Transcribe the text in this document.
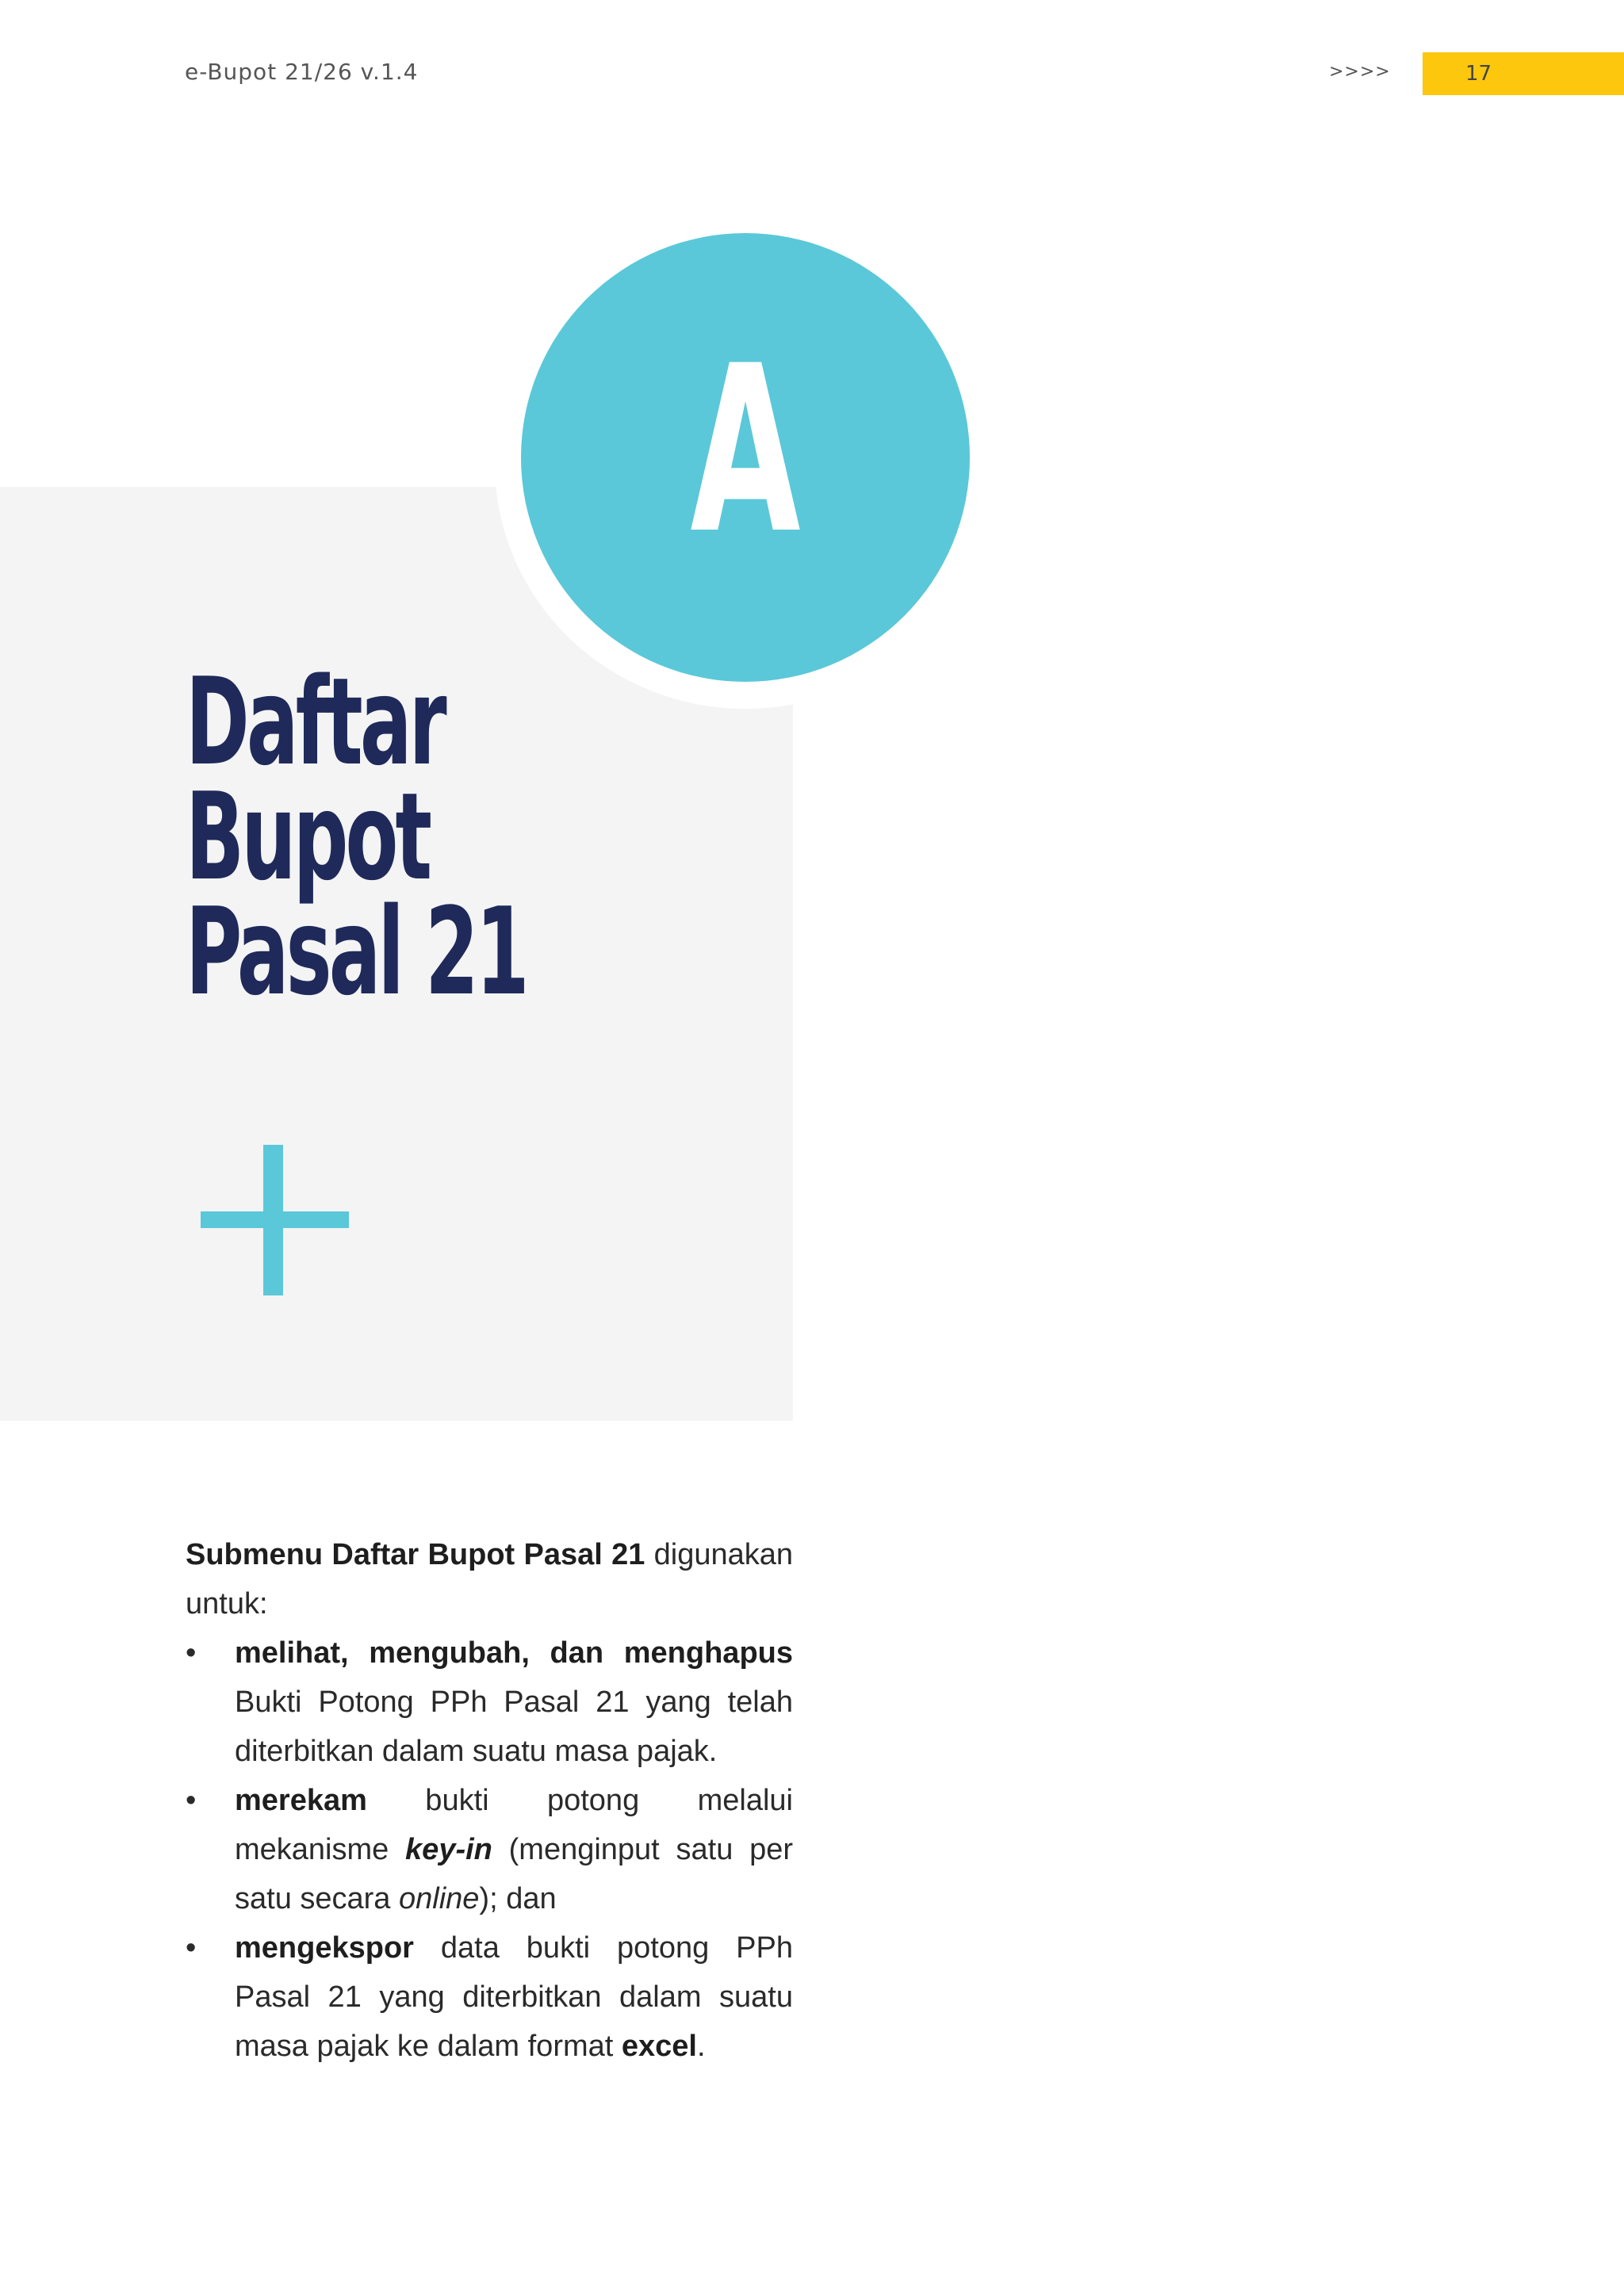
e-Bupot 21/26 v.1.4	>>>>	17
A
Daftar
Bupot
Pasal 21

Submenu Daftar Bupot Pasal 21 digunakan untuk:

• melihat, mengubah, dan menghapus Bukti Potong PPh Pasal 21 yang telah diterbitkan dalam suatu masa pajak.
• merekam bukti potong melalui mekanisme key-in (menginput satu per satu secara online); dan
• mengekspor data bukti potong PPh Pasal 21 yang diterbitkan dalam suatu masa pajak ke dalam format excel.
